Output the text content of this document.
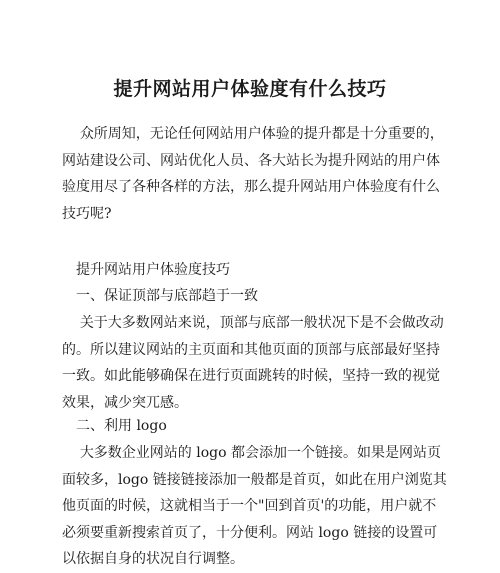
提升网站用户体验度有什么技巧

众所周知，无论任何网站用户体验的提升都是十分重要的，网站建设公司、网站优化人员、各大站长为提升网站的用户体验度用尽了各种各样的方法，那么提升网站用户体验度有什么技巧呢?

提升网站用户体验度技巧

一、保证顶部与底部趋于一致

关于大多数网站来说，顶部与底部一般状况下是不会做改动的。所以建议网站的主页面和其他页面的顶部与底部最好坚持一致。如此能够确保在进行页面跳转的时候，坚持一致的视觉效果，减少突兀感。

二、利用 logo

大多数企业网站的 logo 都会添加一个链接。如果是网站页面较多，logo 链接链接添加一般都是首页，如此在用户浏览其他页面的时候，这就相当于一个"回到首页'的功能，用户就不必须要重新搜索首页了，十分便利。网站 logo 链接的设置可以依据自身的状况自行调整。
